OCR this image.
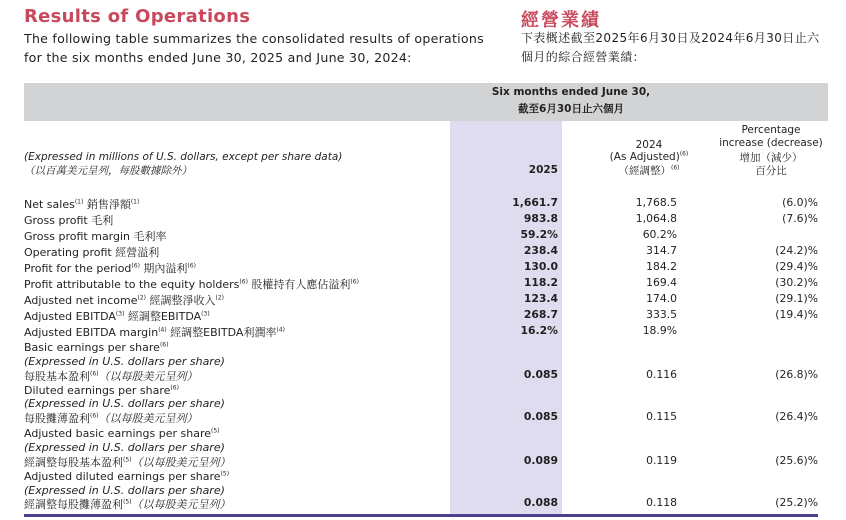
Results of Operations	經營業績
The following table summarizes the consolidated results of operations for the six months ended June 30, 2025 and June 30, 2024:
下表概述截至2025年6月30日及2024年6月30日止六個月的綜合經營業績：
Six months ended June 30,
截至6月30日止六個月
(Expressed in millions of U.S. dollars, except per share data)
（以百萬美元呈列，每股數據除外）	2025
2024
(As Adjusted)$^{(6)}$
（經調整）$^{(6)}$
Percentage
increase (decrease)
增加（減少）
百分比
Net sales$^{(1)}$ 銷售淨額$^{(1)}$	1,661.7	1,768.5	(6.0)%
Gross profit 毛利	983.8	1,064.8	(7.6)%
Gross profit margin 毛利率	59.2%	60.2%
Operating profit 經營溢利	238.4	314.7	(24.2)%
Profit for the period$^{(6)}$ 期內溢利$^{(6)}$	130.0	184.2	(29.4)%
Profit attributable to the equity holders$^{(6)}$ 股權持有人應佔溢利$^{(6)}$	118.2	169.4	(30.2)%
Adjusted net income$^{(2)}$ 經調整淨收入$^{(2)}$	123.4	174.0	(29.1)%
Adjusted EBITDA$^{(3)}$ 經調整EBITDA$^{(3)}$	268.7	333.5	(19.4)%
Adjusted EBITDA margin$^{(4)}$ 經調整EBITDA利潤率$^{(4)}$	16.2%	18.9%
Basic earnings per share$^{(6)}$
(Expressed in U.S. dollars per share)
每股基本盈利$^{(6)}$（以每股美元呈列）	0.085	0.116	(26.8)%
Diluted earnings per share$^{(6)}$
(Expressed in U.S. dollars per share)
每股攤薄盈利$^{(6)}$（以每股美元呈列）	0.085	0.115	(26.4)%
Adjusted basic earnings per share$^{(5)}$
(Expressed in U.S. dollars per share)
經調整每股基本盈利$^{(5)}$（以每股美元呈列）	0.089	0.119	(25.6)%
Adjusted diluted earnings per share$^{(5)}$
(Expressed in U.S. dollars per share)
經調整每股攤薄盈利$^{(5)}$（以每股美元呈列）	0.088	0.118	(25.2)%
